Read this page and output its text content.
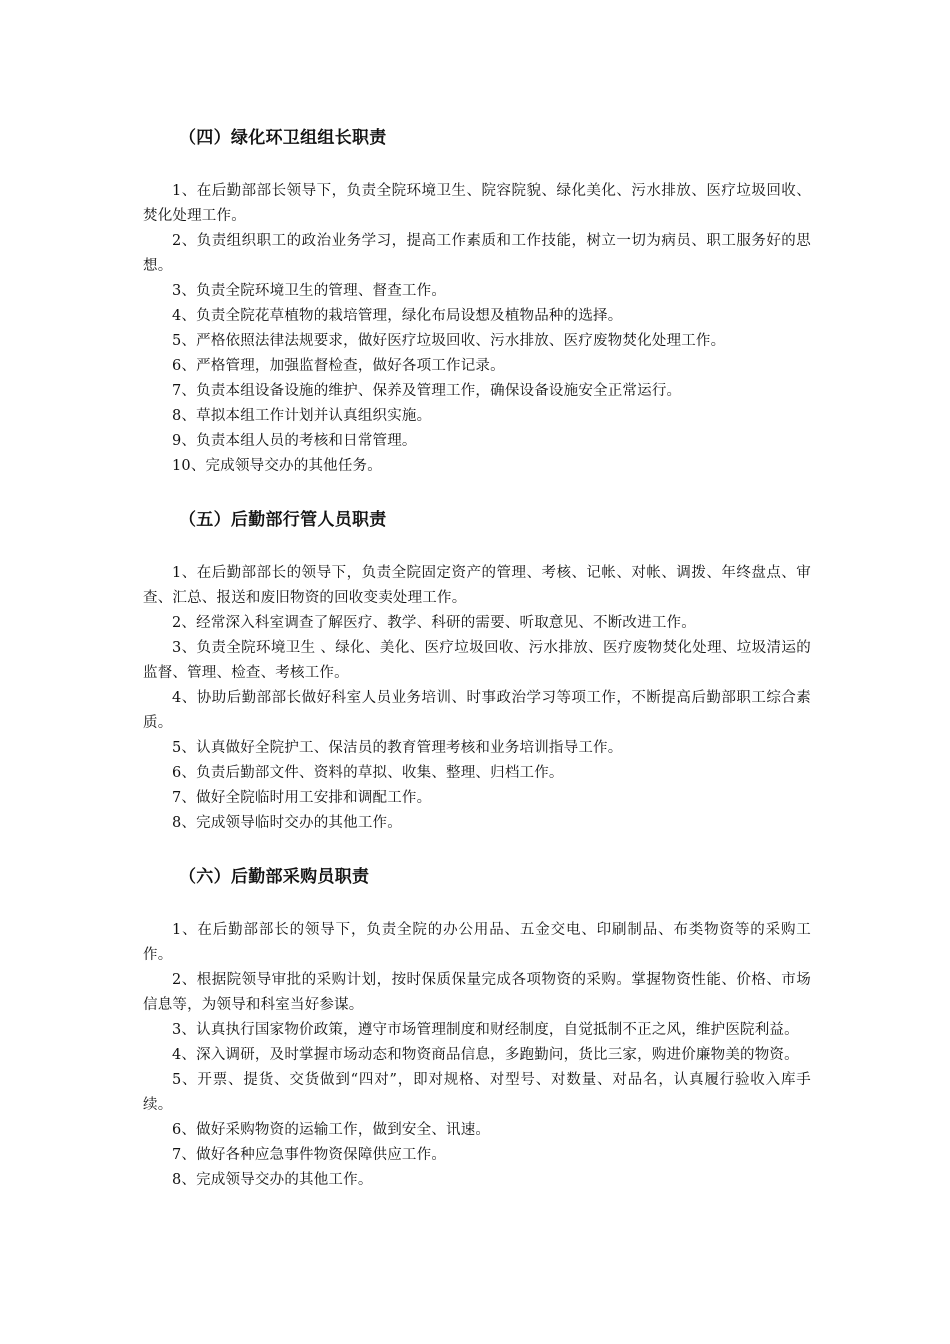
（四）绿化环卫组组长职责
1、在后勤部部长领导下，负责全院环境卫生、院容院貌、绿化美化、污水排放、医疗垃圾回收、焚化处理工作。
2、负责组织职工的政治业务学习，提高工作素质和工作技能，树立一切为病员、职工服务好的思想。
3、负责全院环境卫生的管理、督查工作。
4、负责全院花草植物的栽培管理，绿化布局设想及植物品种的选择。
5、严格依照法律法规要求，做好医疗垃圾回收、污水排放、医疗废物焚化处理工作。
6、严格管理，加强监督检查，做好各项工作记录。
7、负责本组设备设施的维护、保养及管理工作，确保设备设施安全正常运行。
8、草拟本组工作计划并认真组织实施。
9、负责本组人员的考核和日常管理。
10、完成领导交办的其他任务。
（五）后勤部行管人员职责
1、在后勤部部长的领导下，负责全院固定资产的管理、考核、记帐、对帐、调拨、年终盘点、审查、汇总、报送和废旧物资的回收变卖处理工作。
2、经常深入科室调查了解医疗、教学、科研的需要、听取意见、不断改进工作。
3、负责全院环境卫生 、绿化、美化、医疗垃圾回收、污水排放、医疗废物焚化处理、垃圾清运的监督、管理、检查、考核工作。
4、协助后勤部部长做好科室人员业务培训、时事政治学习等项工作，不断提高后勤部职工综合素质。
5、认真做好全院护工、保洁员的教育管理考核和业务培训指导工作。
6、负责后勤部文件、资料的草拟、收集、整理、归档工作。
7、做好全院临时用工安排和调配工作。
8、完成领导临时交办的其他工作。
（六）后勤部采购员职责
1、在后勤部部长的领导下，负责全院的办公用品、五金交电、印刷制品、布类物资等的采购工作。
2、根据院领导审批的采购计划，按时保质保量完成各项物资的采购。掌握物资性能、价格、市场信息等，为领导和科室当好参谋。
3、认真执行国家物价政策，遵守市场管理制度和财经制度，自觉抵制不正之风，维护医院利益。
4、深入调研，及时掌握市场动态和物资商品信息，多跑勤问，货比三家，购进价廉物美的物资。
5、开票、提货、交货做到“四对”，即对规格、对型号、对数量、对品名，认真履行验收入库手续。
6、做好采购物资的运输工作，做到安全、讯速。
7、做好各种应急事件物资保障供应工作。
8、完成领导交办的其他工作。
